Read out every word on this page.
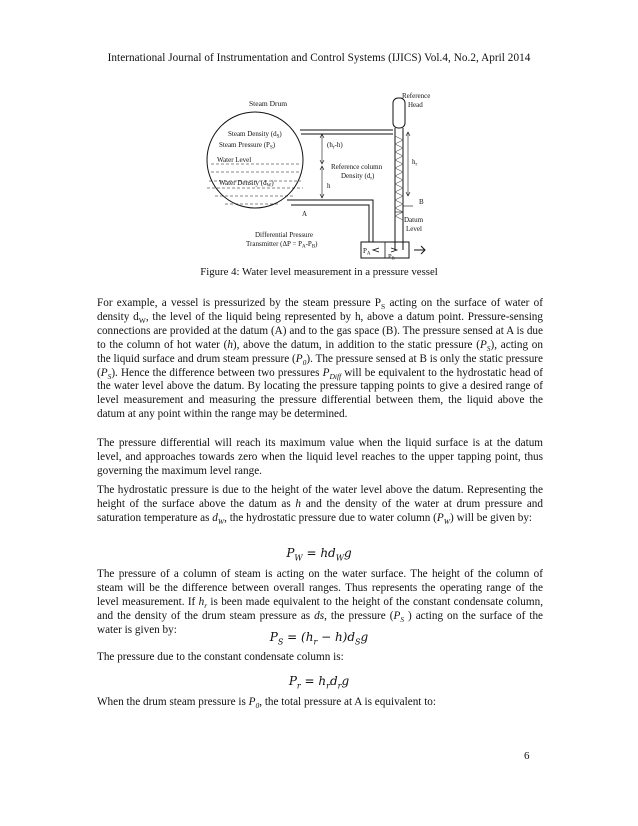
International Journal of Instrumentation and Control Systems (IJICS) Vol.4, No.2, April 2014
Steam Drum
Reference
Head
Steam Density $(d_S)$
Steam Pressure $(P_S)$
Water Level
Water Density $(d_W)$
$(h_r-h)$
Reference column
Density $(d_r)$
h
$h_r$
A
B
Datum
Level
Differential Pressure
Transmitter $(\Delta P = P_A-P_B)$
$P_A$	$P_B$
Figure 4: Water level measurement in a pressure vessel

For example, a vessel is pressurized by the steam pressure $P_S$ acting on the surface of water of density $d_W$, the level of the liquid being represented by h, above a datum point. Pressure-sensing connections are provided at the datum (A) and to the gas space (B). The pressure sensed at A is due to the column of hot water (h), above the datum, in addition to the static pressure $(P_S)$, acting on the liquid surface and drum steam pressure $(P_0)$. The pressure sensed at B is only the static pressure $(P_S)$. Hence the difference between two pressures $P_{Diff}$ will be equivalent to the hydrostatic head of the water level above the datum. By locating the pressure tapping points to give a desired range of level measurement and measuring the pressure differential between them, the liquid above the datum at any point within the range may be determined.

The pressure differential will reach its maximum value when the liquid surface is at the datum level, and approaches towards zero when the liquid level reaches to the upper tapping point, thus governing the maximum level range.

The hydrostatic pressure is due to the height of the water level above the datum. Representing the height of the surface above the datum as h and the density of the water at drum pressure and saturation temperature as $d_W$, the hydrostatic pressure due to water column $(P_W)$ will be given by:

$P_W = hd_Wg$

The pressure of a column of steam is acting on the water surface. The height of the column of steam will be the difference between overall ranges. Thus represents the operating range of the level measurement. If $h_r$ is been made equivalent to the height of the constant condensate column, and the density of the drum steam pressure as ds, the pressure ($P_S$ ) acting on the surface of the water is given by:

$P_S = (h_r - h)d_Sg$

The pressure due to the constant condensate column is:

$P_r = h_rd_rg$

When the drum steam pressure is $P_0$, the total pressure at A is equivalent to:

6
